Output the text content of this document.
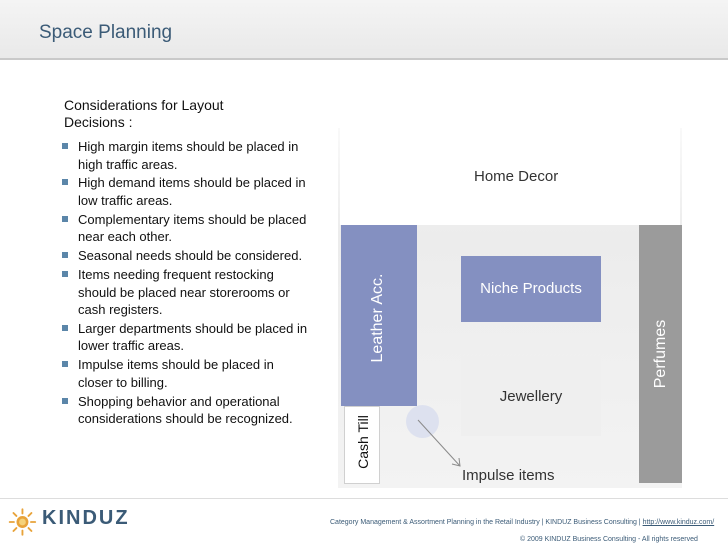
Space Planning
Considerations for Layout
Decisions :
High margin items should be placed in high traffic areas.
High demand items should be placed in low traffic areas.
Complementary items should be placed near each other.
Seasonal needs should be considered.
Items needing frequent restocking should be placed near storerooms or cash registers.
Larger departments should be placed in lower traffic areas.
Impulse items should be placed in closer to billing.
Shopping behavior and operational considerations should be recognized.
Home Decor
Leather Acc.	Perfumes
Niche Products
Jewellery
Cash Till
Impulse items
KINDUZ	Category Management & Assortment Planning in the Retail Industry | KINDUZ Business Consulting | http://www.kinduz.com/
© 2009 KINDUZ Business Consulting - All rights reserved
